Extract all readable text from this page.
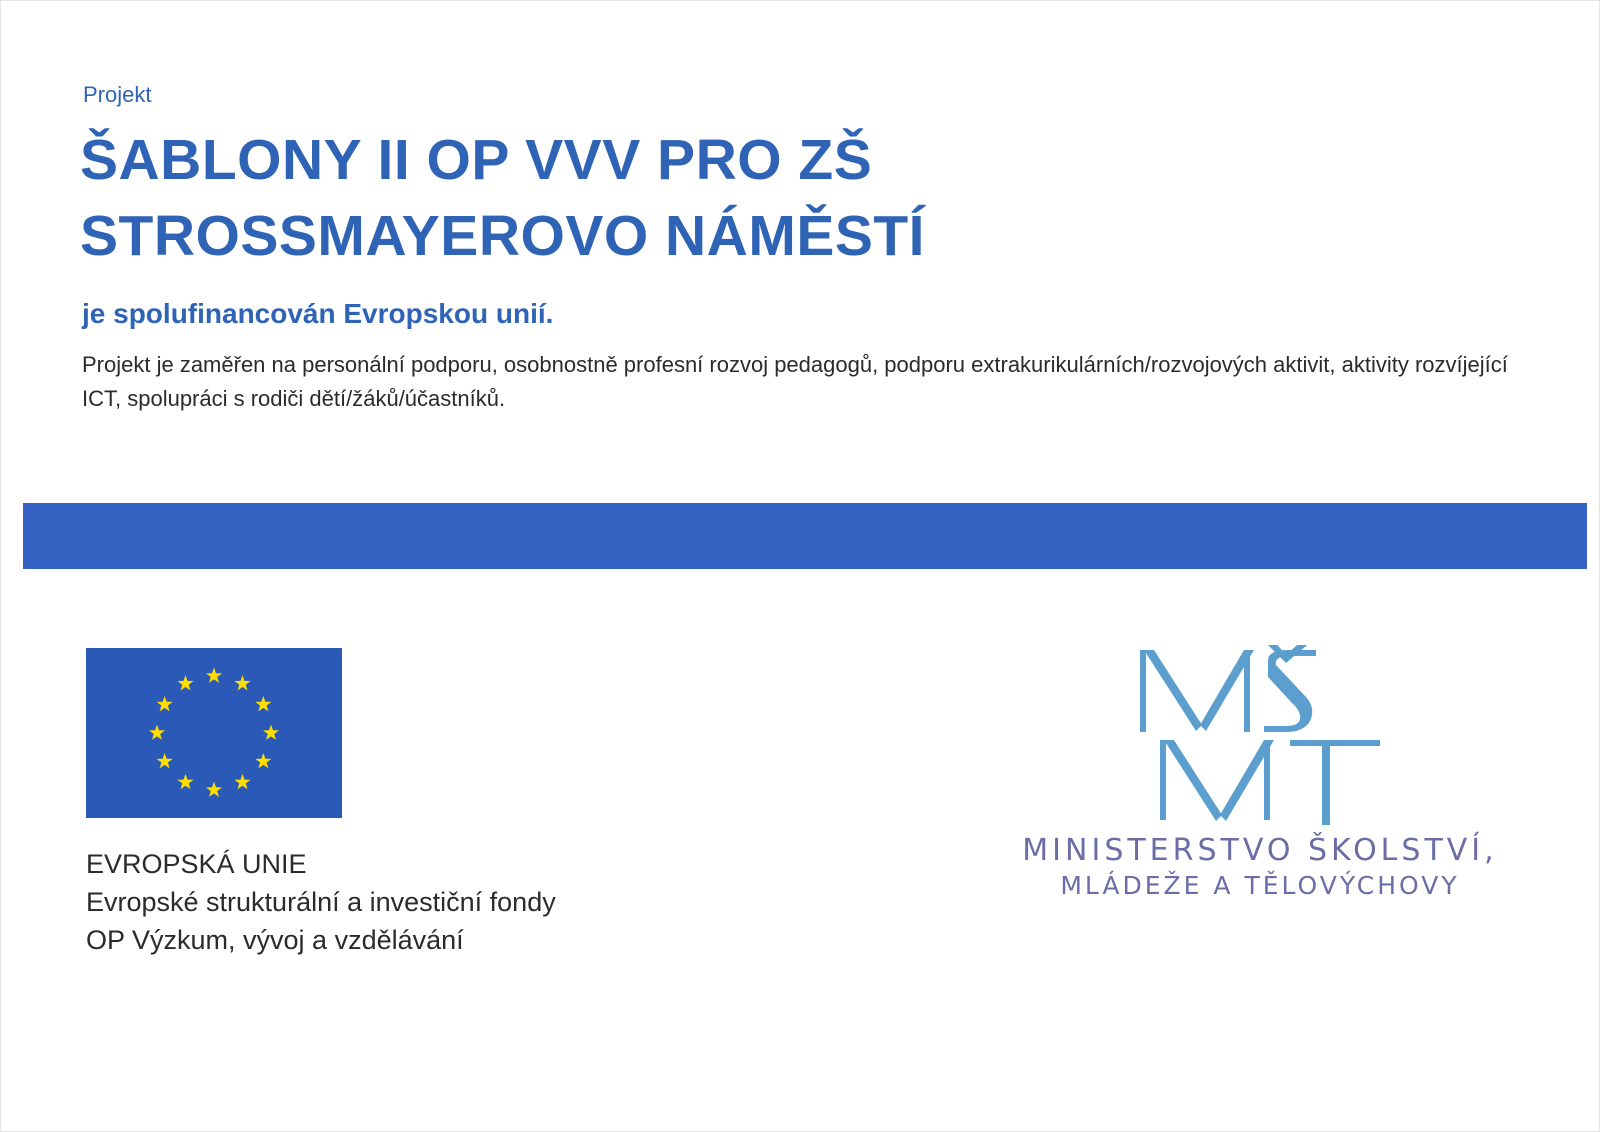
Projekt

ŠABLONY II OP VVV PRO ZŠ
STROSSMAYEROVO NÁMĚSTÍ

je spolufinancován Evropskou unií.

Projekt je zaměřen na personální podporu, osobnostně profesní rozvoj pedagogů, podporu extrakurikulárních/rozvojových aktivit, aktivity rozvíjející ICT, spolupráci s rodiči dětí/žáků/účastníků.

EVROPSKÁ UNIE
Evropské strukturální a investiční fondy
OP Výzkum, vývoj a vzdělávání
MINISTERSTVO ŠKOLSTVÍ,
MLÁDEŽE A TĚLOVÝCHOVY
